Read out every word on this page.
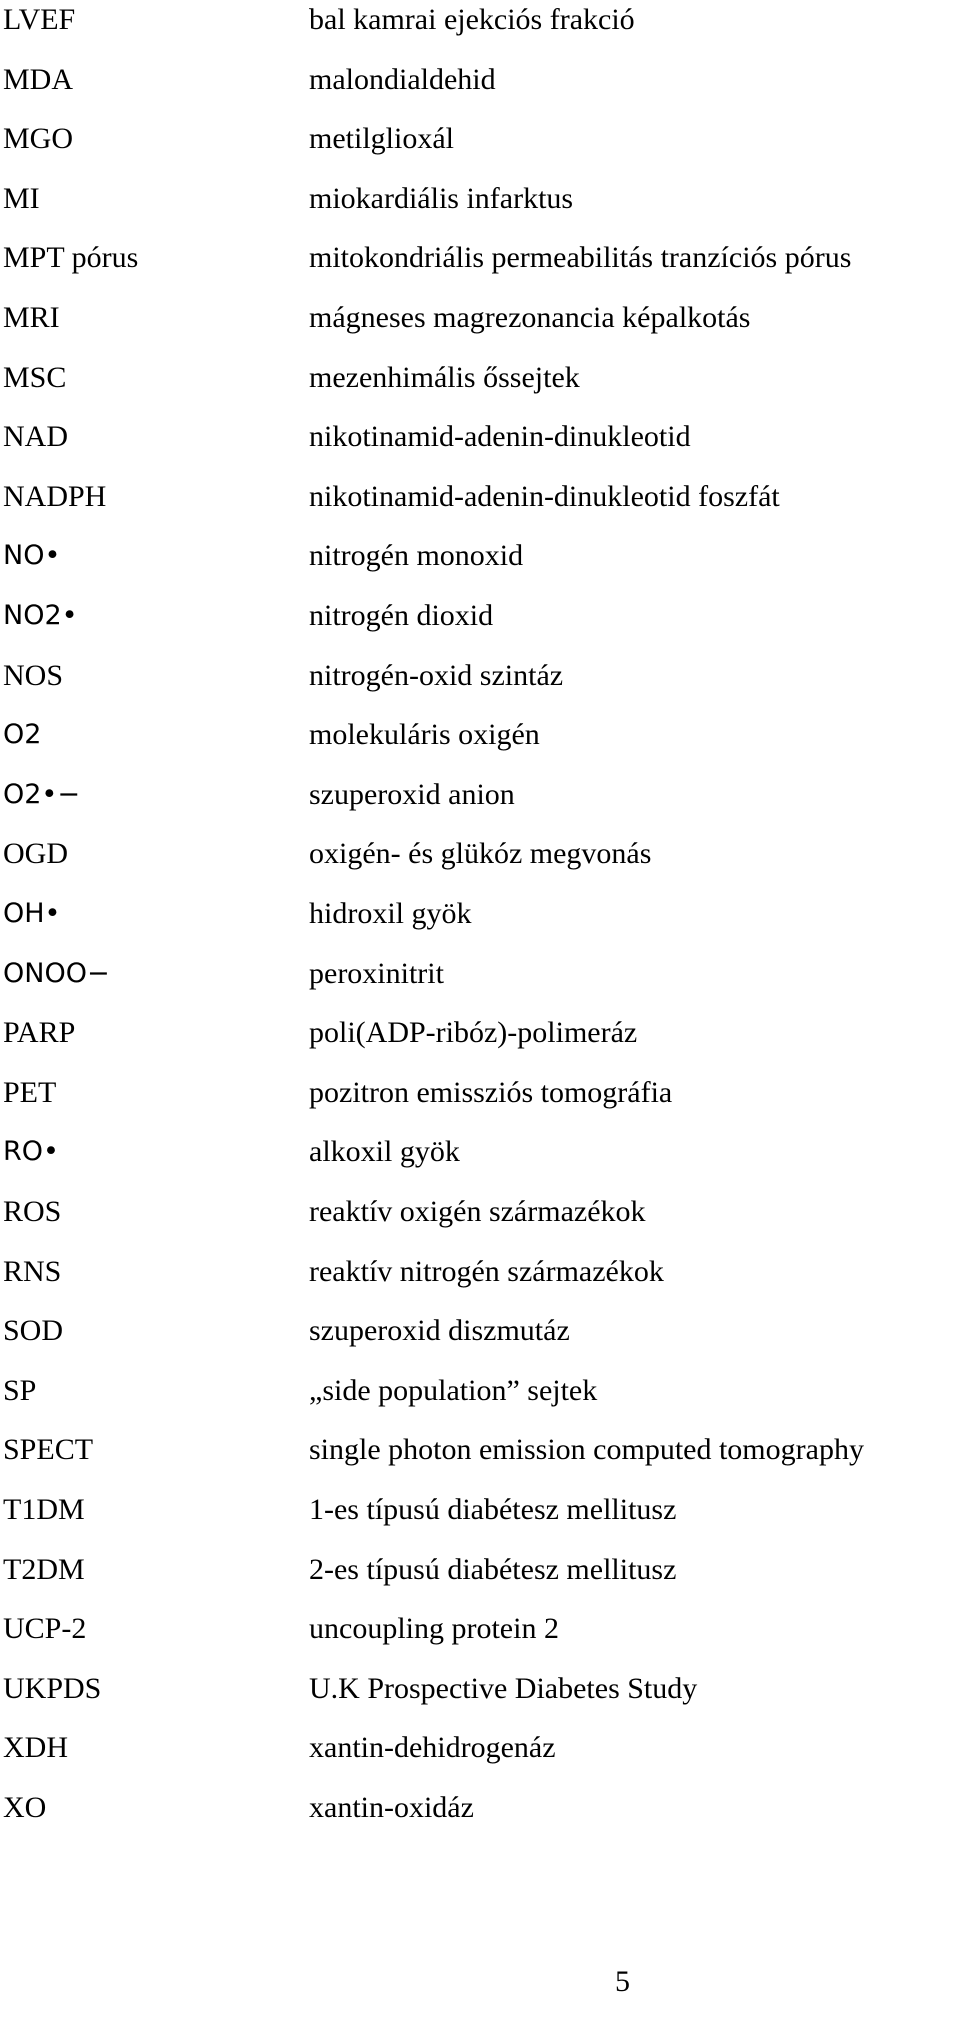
LVEF	bal kamrai ejekciós frakció
MDA	malondialdehid
MGO	metilglioxál
MI	miokardiális infarktus
MPT pórus	mitokondriális permeabilitás tranzíciós pórus
MRI	mágneses magrezonancia képalkotás
MSC	mezenhimális őssejtek
NAD	nikotinamid-adenin-dinukleotid
NADPH	nikotinamid-adenin-dinukleotid foszfát
NO•	nitrogén monoxid
NO2•	nitrogén dioxid
NOS	nitrogén-oxid szintáz
O2	molekuláris oxigén
O2•−	szuperoxid anion
OGD	oxigén- és glükóz megvonás
OH•	hidroxil gyök
ONOO−	peroxinitrit
PARP	poli(ADP-ribóz)-polimeráz
PET	pozitron emissziós tomográfia
RO•	alkoxil gyök
ROS	reaktív oxigén származékok
RNS	reaktív nitrogén származékok
SOD	szuperoxid diszmutáz
SP	„side population” sejtek
SPECT	single photon emission computed tomography
T1DM	1-es típusú diabétesz mellitusz
T2DM	2-es típusú diabétesz mellitusz
UCP-2	uncoupling protein 2
UKPDS	U.K Prospective Diabetes Study
XDH	xantin-dehidrogenáz
XO	xantin-oxidáz
5
